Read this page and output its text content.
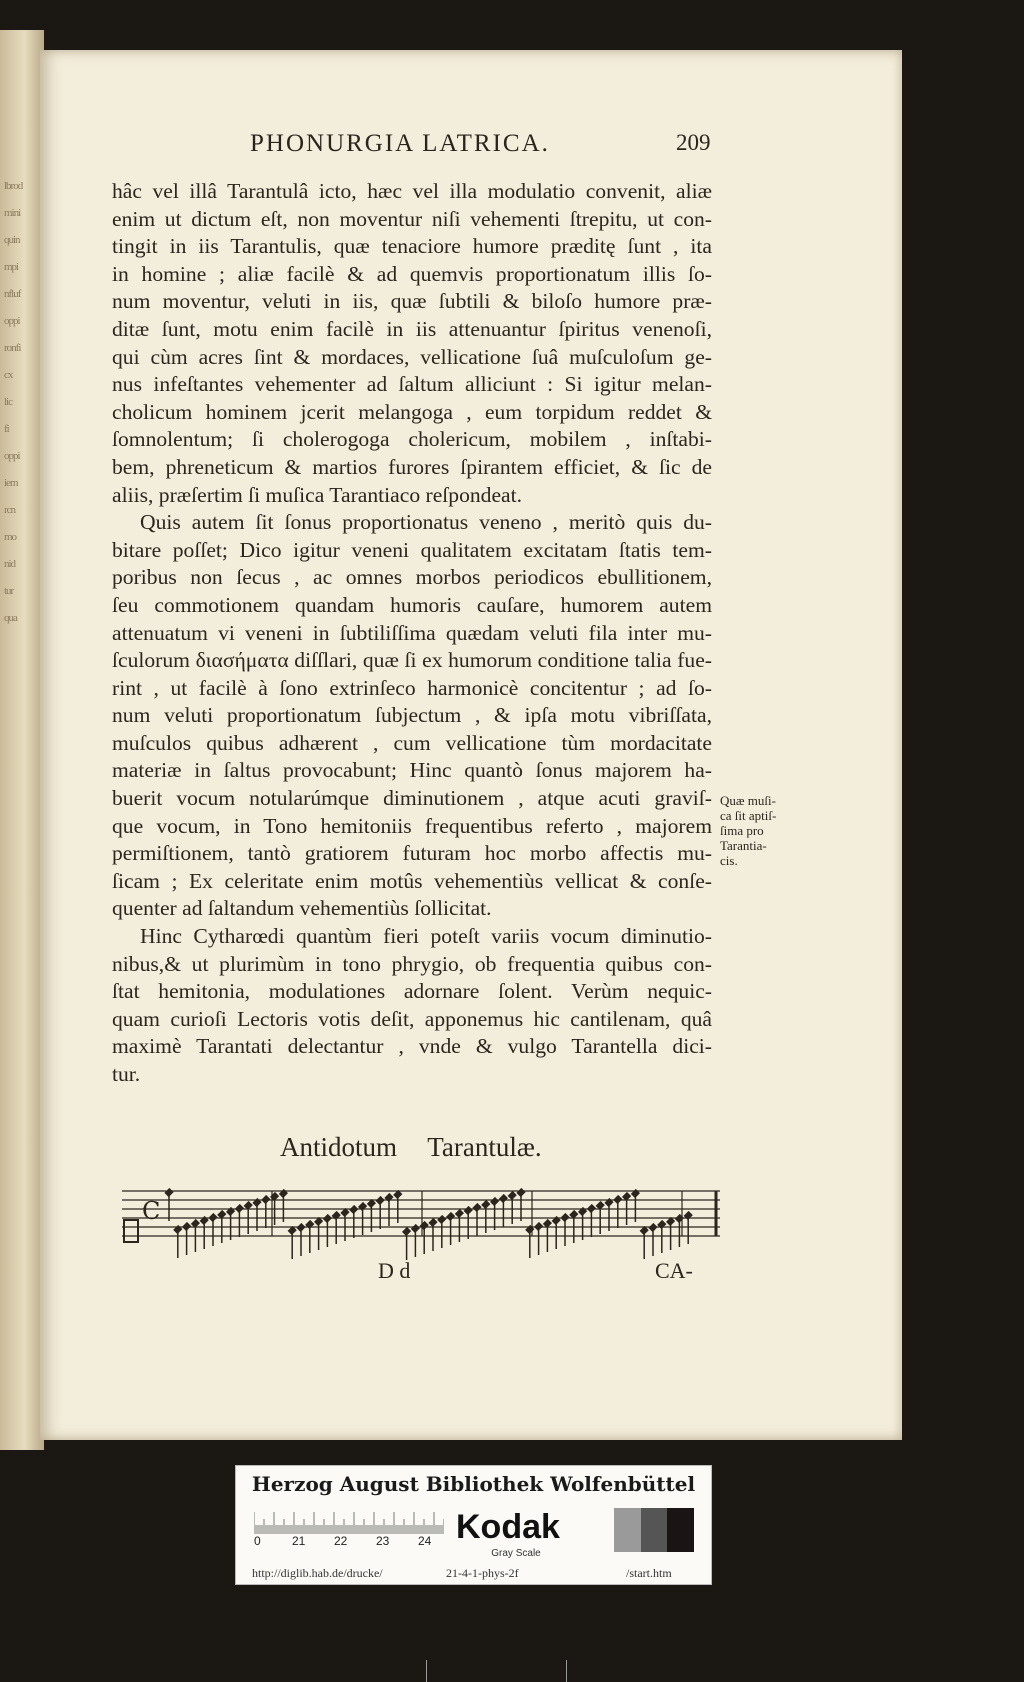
lbrod
mini
quin
mpi
nfluf
oppi
ronfi
cx
lic
fi
oppi
iem
rcn
mo
nid
tur
qua
PHONURGIA LATRICA.	209
hâc vel illâ Tarantulâ icto, hæc vel illa modulatio convenit, aliæ
enim ut dictum eſt, non moventur niſi vehementi ſtrepitu, ut con-
tingit in iis Tarantulis, quæ tenaciore humore præditę ſunt , ita
in homine ; aliæ facilè & ad quemvis proportionatum illis ſo-
num moventur, veluti in iis, quæ ſubtili & biloſo humore præ-
ditæ ſunt, motu enim facilè in iis attenuantur ſpiritus venenoſi,
qui cùm acres ſint & mordaces, vellicatione ſuâ muſculoſum ge-
nus infeſtantes vehementer ad ſaltum alliciunt : Si igitur melan-
cholicum hominem jcerit melangoga , eum torpidum reddet &
ſomnolentum; ſi cholerogoga cholericum, mobilem , inſtabi-
bem, phreneticum & martios furores ſpirantem efficiet, & ſic de
aliis, præſertim ſi muſica Tarantiaco reſpondeat.
Quis autem ſit ſonus proportionatus veneno , meritò quis du-
bitare poſſet; Dico igitur veneni qualitatem excitatam ſtatis tem-
poribus non ſecus , ac omnes morbos periodicos ebullitionem,
ſeu commotionem quandam humoris cauſare, humorem autem
attenuatum vi veneni in ſubtiliſſima quædam veluti fila inter mu-
ſculorum διασήματα diſſlari, quæ ſi ex humorum conditione talia fue-
rint , ut facilè à ſono extrinſeco harmonicè concitentur ; ad ſo-
num veluti proportionatum ſubjectum , & ipſa motu vibriſſata,
muſculos quibus adhærent , cum vellicatione tùm mordacitate
materiæ in ſaltus provocabunt; Hinc quantò ſonus majorem ha-
buerit vocum notularúmque diminutionem , atque acuti graviſ-
que vocum, in Tono hemitoniis frequentibus referto , majorem
permiſtionem, tantò gratiorem futuram hoc morbo affectis mu-
ſicam ; Ex celeritate enim motûs vehementiùs vellicat & conſe-
quenter ad ſaltandum vehementiùs ſollicitat.
Hinc Cytharœdi quantùm fieri poteſt variis vocum diminutio-
nibus,& ut plurimùm in tono phrygio, ob frequentia quibus con-
ſtat hemitonia, modulationes adornare ſolent. Verùm nequic-
quam curioſi Lectoris votis deſit, apponemus hic cantilenam, quâ
maximè Tarantati delectantur , vnde & vulgo Tarantella dici-
tur.
Quæ muſi-
ca ſit aptiſ-
ſima pro
Tarantia-
cis.
Antidotum Tarantulæ.
C
D d	CA-
Herzog August Bibliothek Wolfenbüttel
0	21 22 23 24 Kodak
Gray Scale
http://diglib.hab.de/drucke/	21-4-1-phys-2f	/start.htm
